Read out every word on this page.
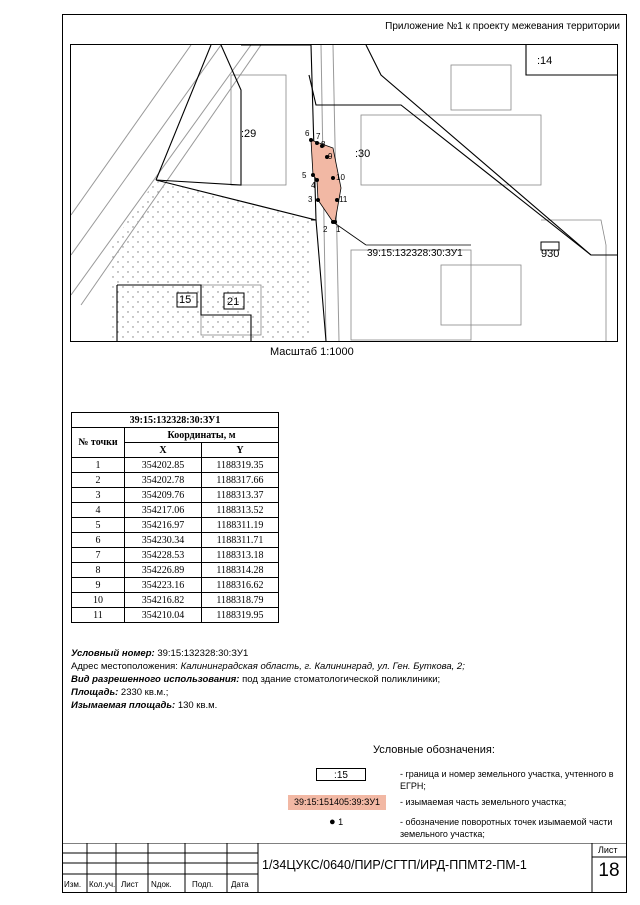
Приложение №1 к проекту межевания территории
:14
:29
:30
15	21
930
1
2
3
4
5
6 7
8
9
10
11
39:15:132328:30:ЗУ1
Масштаб 1:1000
39:15:132328:30:ЗУ1		
№ точки	Координаты, м	
	X	Y
1	354202.85	1188319.35
2	354202.78	1188317.66
3	354209.76	1188313.37
4	354217.06	1188313.52
5	354216.97	1188311.19
6	354230.34	1188311.71
7	354228.53	1188313.18
8	354226.89	1188314.28
9	354223.16	1188316.62
10	354216.82	1188318.79
11	354210.04	1188319.95
Условный номер: 39:15:132328:30:ЗУ1
Адрес местоположения: Калининградская область, г. Калининград, ул. Ген. Буткова, 2;
Вид разрешенного использования: под здание стоматологической поликлиники;
Площадь: 2330 кв.м.;
Изымаемая площадь: 130 кв.м.
Условные обозначения:
:15	- граница и номер земельного участка, учтенного в ЕГРН;
39:15:151405:39:ЗУ1	- изымаемая часть земельного участка;
● 1	- обозначение поворотных точек изымаемой части земельного участка;
Изм. Кол.уч. Лист Nдок.	Подп. Дата
1/34ЦУКС/0640/ПИР/СГТП/ИРД-ППМТ2-ПМ-1
Лист
18
